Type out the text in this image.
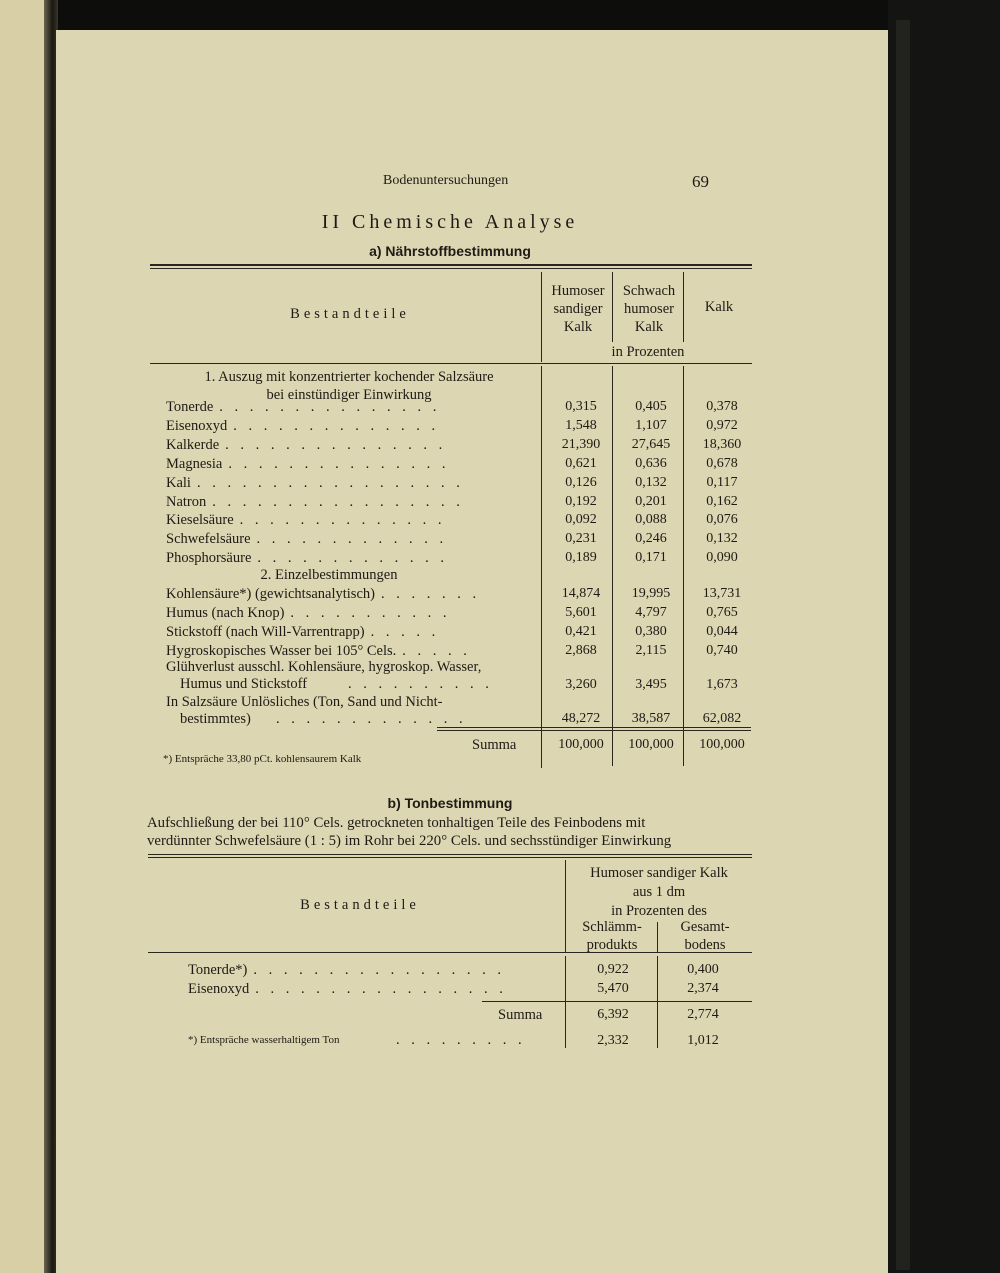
Bodenuntersuchungen	69
II Chemische Analyse
a) Nährstoffbestimmung
Bestandteile
Humoser
sandiger
Kalk
Schwach
humoser
Kalk
Kalk
in Prozenten
1. Auszug mit konzentrierter kochender Salzsäure
bei einstündiger Einwirkung
Tonerde . . . . . . . . . . . . . . .	0,315	0,405	0,378
Eisenoxyd . . . . . . . . . . . . . .	1,548	1,107	0,972
Kalkerde . . . . . . . . . . . . . . .	21,390	27,645	18,360
Magnesia . . . . . . . . . . . . . . .	0,621	0,636	0,678
Kali . . . . . . . . . . . . . . . . . .	0,126	0,132	0,117
Natron . . . . . . . . . . . . . . . . .	0,192	0,201	0,162
Kieselsäure . . . . . . . . . . . . . .	0,092	0,088	0,076
Schwefelsäure . . . . . . . . . . . . .	0,231	0,246	0,132
Phosphorsäure . . . . . . . . . . . . .	0,189	0,171	0,090
2. Einzelbestimmungen
Kohlensäure*) (gewichtsanalytisch) . . . . . . .	14,874	19,995	13,731
Humus (nach Knop) . . . . . . . . . . .	5,601	4,797	0,765
Stickstoff (nach Will-Varrentrapp) . . . . .	0,421	0,380	0,044
Hygroskopisches Wasser bei 105° Cels. . . . . .	2,868	2,115	0,740
Glühverlust ausschl. Kohlensäure, hygroskop. Wasser,
Humus und Stickstoff	. . . . . . . . . .	3,260	3,495	1,673
In Salzsäure Unlösliches (Ton, Sand und Nicht-
bestimmtes) . . . . . . . . . . . . .	48,272	38,587	62,082
Summa	100,000	100,000	100,000
*) Entspräche 33,80 pCt. kohlensaurem Kalk
b) Tonbestimmung
Aufschließung der bei 110° Cels. getrockneten tonhaltigen Teile des Feinbodens mit
verdünnter Schwefelsäure (1 : 5) im Rohr bei 220° Cels. und sechsstündiger Einwirkung
Bestandteile
Humoser sandiger Kalk
aus 1 dm
in Prozenten des
Schlämm-
produkts
Gesamt-
bodens
Tonerde*) . . . . . . . . . . . . . . . . .	0,922	0,400
Eisenoxyd . . . . . . . . . . . . . . . . .	5,470	2,374
Summa	6,392	2,774
*) Entspräche wasserhaltigem Ton	. . . . . . . . .	2,332	1,012
